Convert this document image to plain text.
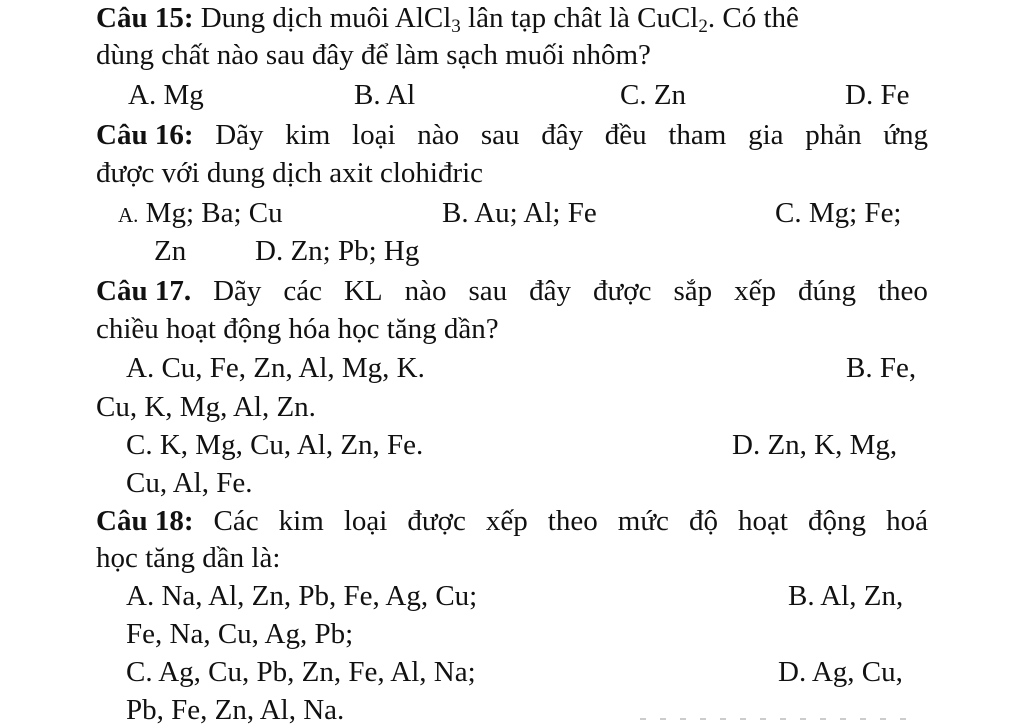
Câu 15: Dung dịch muôi AlCl$_3$ lân tạp chât là CuCl$_2$. Có thê
dùng chất nào sau đây để làm sạch muối nhôm?
A. Mg	B. Al	C. Zn	D. Fe
Câu 16: Dãy kim loại nào sau đây đều tham gia phản ứng
được với dung dịch axit clohiđric
A. Mg; Ba; Cu	B. Au; Al; Fe	C. Mg; Fe;
Zn D. Zn; Pb; Hg
Câu 17. Dãy các KL nào sau đây được sắp xếp đúng theo
chiều hoạt động hóa học tăng dần?
A. Cu, Fe, Zn, Al, Mg, K.	B. Fe,
Cu, K, Mg, Al, Zn.
C. K, Mg, Cu, Al, Zn, Fe.	D. Zn, K, Mg,
Cu, Al, Fe.
Câu 18: Các kim loại được xếp theo mức độ hoạt động hoá
học tăng dần là:
A. Na, Al, Zn, Pb, Fe, Ag, Cu;	B. Al, Zn,
Fe, Na, Cu, Ag, Pb;
C. Ag, Cu, Pb, Zn, Fe, Al, Na;	D. Ag, Cu,
Pb, Fe, Zn, Al, Na.
